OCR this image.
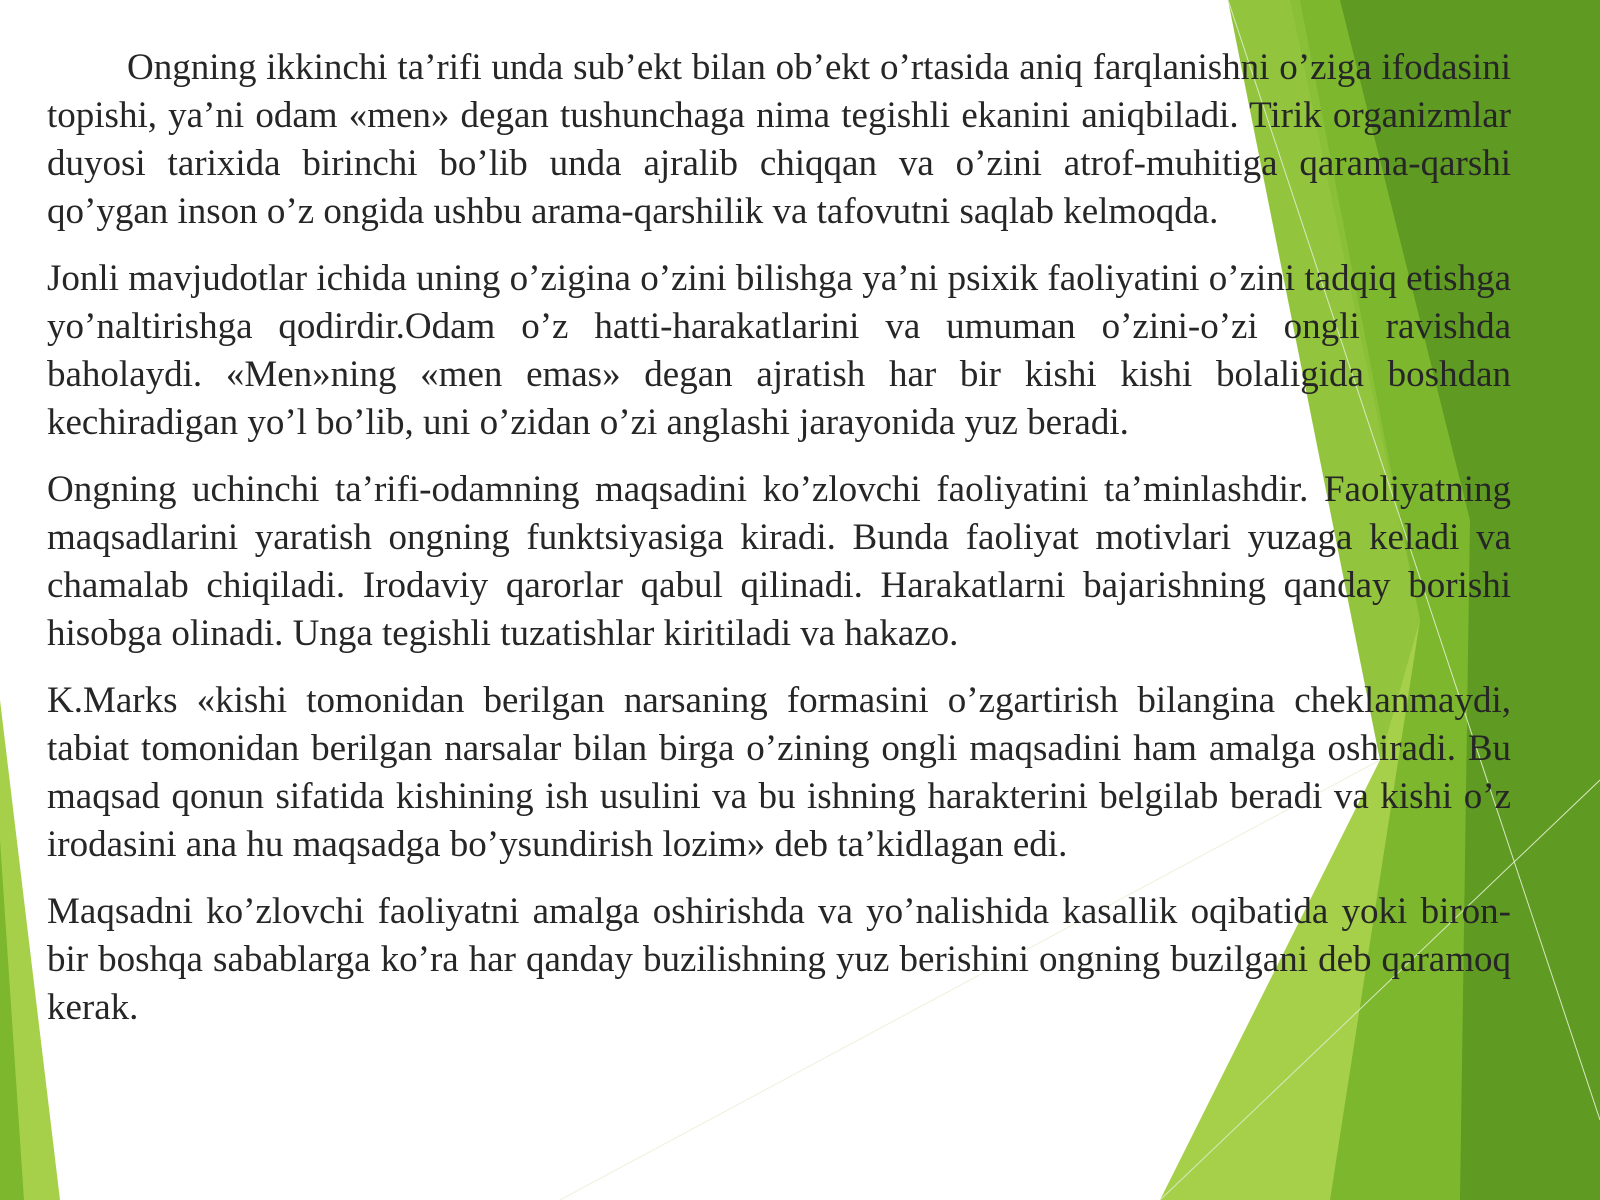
Ongning ikkinchi ta’rifi unda sub’ekt bilan ob’ekt o’rtasida aniq farqlanishni o’ziga ifodasini topishi, ya’ni odam «men» degan tushunchaga nima tegishli ekanini aniqbiladi. Tirik organizmlar duyosi tarixida birinchi bo’lib unda ajralib chiqqan va o’zini atrof-muhitiga qarama-qarshi qo’ygan inson o’z ongida ushbu arama-qarshilik va tafovutni saqlab kelmoqda.

Jonli mavjudotlar ichida uning o’zigina o’zini bilishga ya’ni psixik faoliyatini o’zini tadqiq etishga yo’naltirishga qodirdir.Odam o’z hatti-harakatlarini va umuman o’zini-o’zi ongli ravishda baholaydi. «Men»ning «men emas» degan ajratish har bir kishi kishi bolaligida boshdan kechiradigan yo’l bo’lib, uni o’zidan o’zi anglashi jarayonida yuz beradi.

Ongning uchinchi ta’rifi-odamning maqsadini ko’zlovchi faoliyatini ta’minlashdir. Faoliyatning maqsadlarini yaratish ongning funktsiyasiga kiradi. Bunda faoliyat motivlari yuzaga keladi va chamalab chiqiladi. Irodaviy qarorlar qabul qilinadi. Harakatlarni bajarishning qanday borishi hisobga olinadi. Unga tegishli tuzatishlar kiritiladi va hakazo.

K.Marks «kishi tomonidan berilgan narsaning formasini o’zgartirish bilangina cheklanmaydi, tabiat tomonidan berilgan narsalar bilan birga o’zining ongli maqsadini ham amalga oshiradi. Bu maqsad qonun sifatida kishining ish usulini va bu ishning harakterini belgilab beradi va kishi o’z irodasini ana hu maqsadga bo’ysundirish lozim» deb ta’kidlagan edi.

Maqsadni ko’zlovchi faoliyatni amalga oshirishda va yo’nalishida kasallik oqibatida yoki biron-bir boshqa sabablarga ko’ra har qanday buzilishning yuz berishini ongning buzilgani deb qaramoq kerak.
